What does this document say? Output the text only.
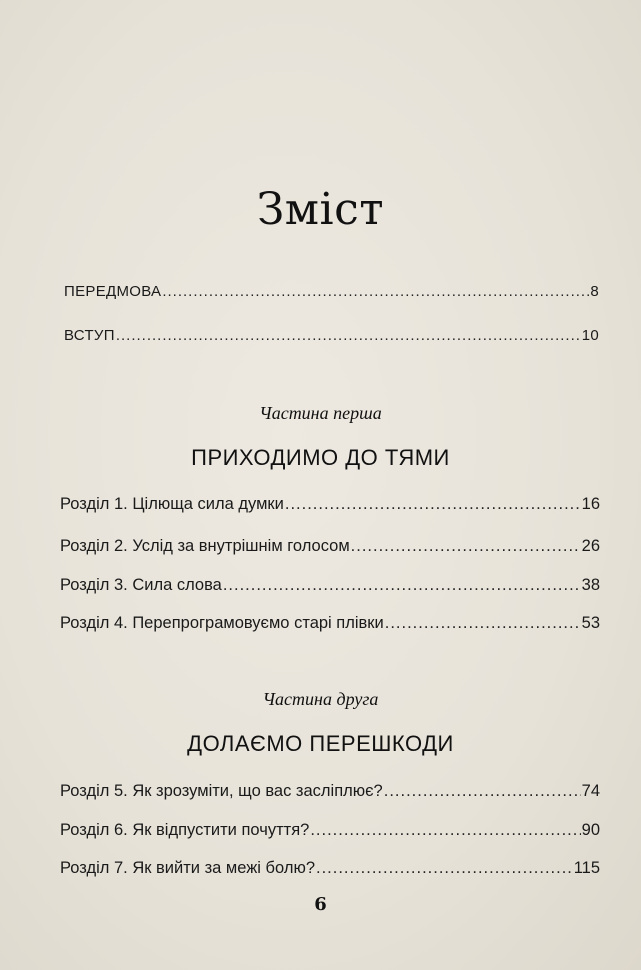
Зміст
ПЕРЕДМОВА .....	8
ВСТУП .....	10
Частина перша
ПРИХОДИМО ДО ТЯМИ
Розділ 1. Цілюща сила думки .....	16
Розділ 2. Услід за внутрішнім голосом .....	26
Розділ 3. Сила слова .....	38
Розділ 4. Перепрограмовуємо старі плівки .....	53
Частина друга
ДОЛАЄМО ПЕРЕШКОДИ
Розділ 5. Як зрозуміти, що вас засліплює? .....	74
Розділ 6. Як відпустити почуття? .....	90
Розділ 7. Як вийти за межі болю? .....	115
6
